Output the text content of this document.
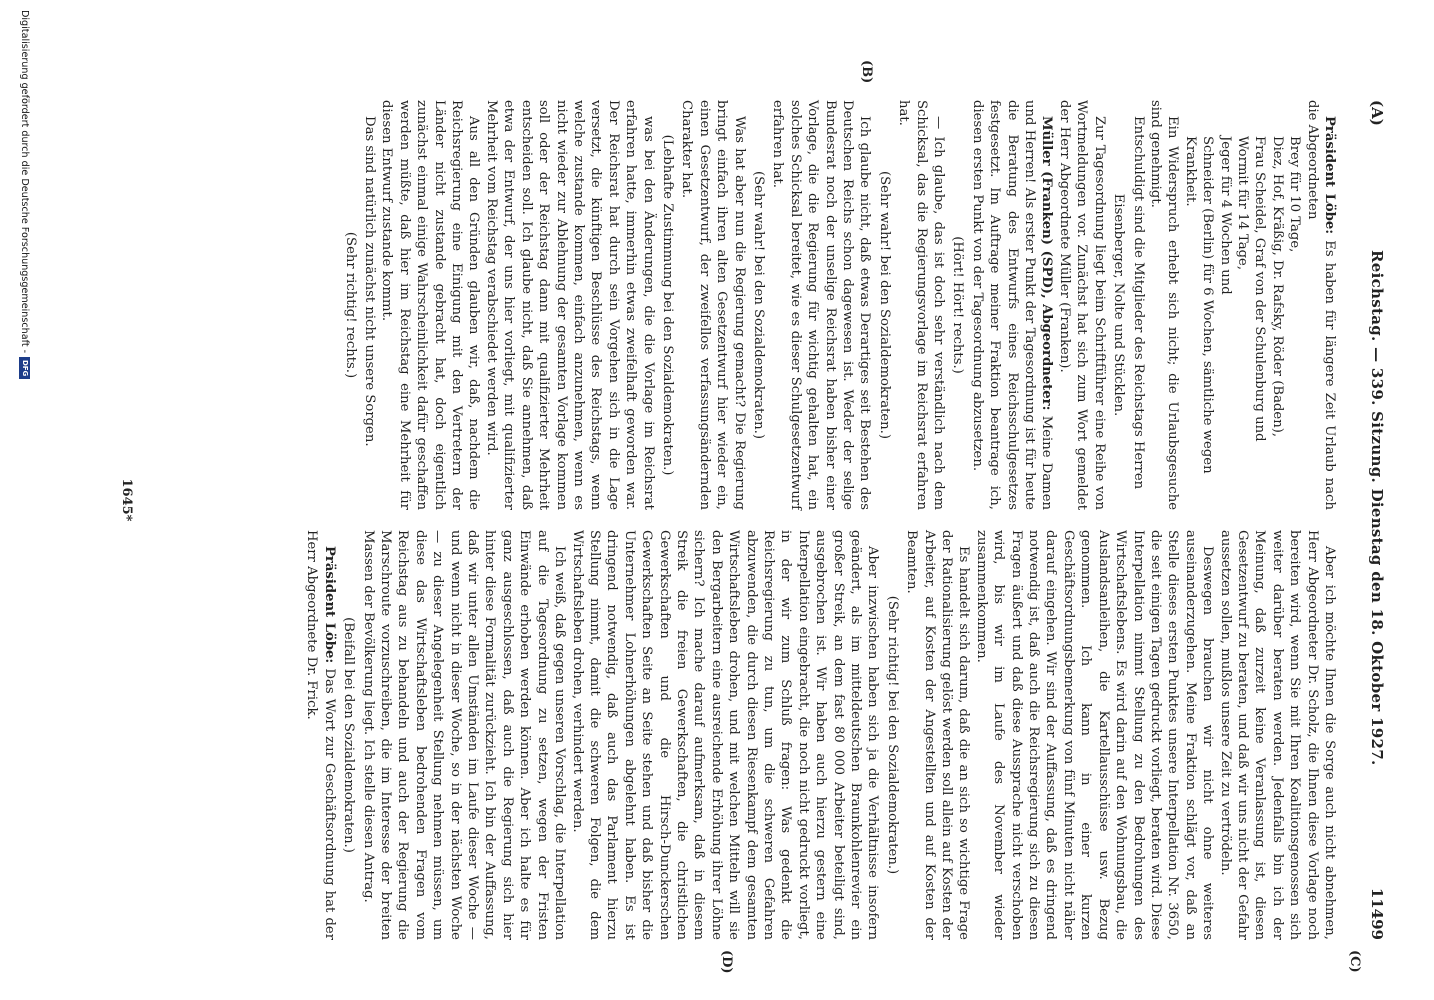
(A)
Reichstag. — 339. Sitzung. Dienstag den 18. Oktober 1927.
11499
(B)
(C)
(D)

Präsident Löbe: Es haben für längere Zeit Urlaub nach die Abgeordneten

Brey für 10 Tage,

Diez, Hof, Kräßig, Dr. Rafsky, Röder (Baden),

Frau Scheidel, Graf von der Schulenburg und

Wormit für 14 Tage,

Jeger für 4 Wochen und

Schneider (Berlin) für 6 Wochen, sämtliche wegen

Krankheit.

Ein Widerspruch erhebt sich nicht; die Urlaubsgesuche sind genehmigt.

Entschuldigt sind die Mitglieder des Reichstags Herren

Eisenberger, Nolte und Stücklen.

Zur Tagesordnung liegt beim Schriftführer eine Reihe von Wortmeldungen vor. Zunächst hat sich zum Wort gemeldet der Herr Abgeordnete Müller (Franken).

Müller (Franken) (SPD), Abgeordneter: Meine Damen und Herren! Als erster Punkt der Tagesordnung ist für heute die Beratung des Entwurfs eines Reichsschulgesetzes festgesetzt. Im Auftrage meiner Fraktion beantrage ich, diesen ersten Punkt von der Tagesordnung abzusetzen.

(Hört! Hört! rechts.)

— Ich glaube, das ist doch sehr verständlich nach dem Schicksal, das die Regierungsvorlage im Reichsrat erfahren hat.

(Sehr wahr! bei den Sozialdemokraten.)

Ich glaube nicht, daß etwas Derartiges seit Bestehen des Deutschen Reichs schon dagewesen ist. Weder der selige Bundesrat noch der unselige Reichsrat haben bisher einer Vorlage, die die Regierung für wichtig gehalten hat, ein solches Schicksal bereitet, wie es dieser Schulgesetzentwurf erfahren hat.

(Sehr wahr! bei den Sozialdemokraten.)

Was hat aber nun die Regierung gemacht? Die Regierung bringt einfach ihren alten Gesetzentwurf hier wieder ein, einen Gesetzentwurf, der zweifellos verfassungsändernden Charakter hat.

(Lebhafte Zustimmung bei den Sozialdemokraten.)

was bei den Änderungen, die die Vorlage im Reichsrat erfahren hatte, immerhin etwas zweifelhaft geworden war. Der Reichsrat hat durch sein Vorgehen sich in die Lage versetzt, die künftigen Beschlüsse des Reichstags, wenn welche zustande kommen, einfach anzunehmen, wenn es nicht wieder zur Ablehnung der gesamten Vorlage kommen soll oder der Reichstag dann mit qualifizierter Mehrheit entscheiden soll. Ich glaube nicht, daß Sie annehmen, daß etwa der Entwurf, der uns hier vorliegt, mit qualifizierter Mehrheit vom Reichstag verabschiedet werden wird.

Aus all den Gründen glauben wir, daß, nachdem die Reichsregierung eine Einigung mit den Vertretern der Länder nicht zustande gebracht hat, doch eigentlich zunächst einmal einige Wahrscheinlichkeit dafür geschaffen werden müßte, daß hier im Reichstag eine Mehrheit für diesen Entwurf zustande kommt.

Das sind natürlich zunächst nicht unsere Sorgen.

(Sehr richtig! rechts.)

Aber ich möchte Ihnen die Sorge auch nicht abnehmen, Herr Abgeordneter Dr. Scholz, die Ihnen diese Vorlage noch bereiten wird, wenn Sie mit Ihren Koalitionsgenossen sich weiter darüber beraten werden. Jedenfalls bin ich der Meinung, daß zurzeit keine Veranlassung ist, diesen Gesetzentwurf zu beraten, und daß wir uns nicht der Gefahr aussetzen sollen, mußlos unsere Zeit zu vertrödeln.

Deswegen brauchen wir nicht ohne weiteres auseinanderzugehen. Meine Fraktion schlägt vor, daß an Stelle dieses ersten Punktes unsere Interpellation Nr. 3650, die seit einigen Tagen gedruckt vorliegt, beraten wird. Diese Interpellation nimmt Stellung zu den Bedrohungen des Wirtschaftslebens. Es wird darin auf den Wohnungsbau, die Auslandsanleihen, die Kartellausschüsse usw. Bezug genommen. Ich kann in einer kurzen Geschäftsordnungsbemerkung von fünf Minuten nicht näher darauf eingehen. Wir sind der Auffassung, daß es dringend notwendig ist, daß auch die Reichsregierung sich zu diesen Fragen äußert und daß diese Aussprache nicht verschoben wird, bis wir im Laufe des November wieder zusammenkommen.

Es handelt sich darum, daß die an sich so wichtige Frage der Rationalisierung gelöst werden soll allein auf Kosten der Arbeiter, auf Kosten der Angestellten und auf Kosten der Beamten.

(Sehr richtig! bei den Sozialdemokraten.)

Aber inzwischen haben sich ja die Verhältnisse insofern geändert, als im mitteldeutschen Braunkohlenrevier ein großer Streik, an dem fast 80 000 Arbeiter beteiligt sind, ausgebrochen ist. Wir haben auch hierzu gestern eine Interpellation eingebracht, die noch nicht gedruckt vorliegt, in der wir zum Schluß fragen: Was gedenkt die Reichsregierung zu tun, um die schweren Gefahren abzuwenden, die durch diesen Riesenkampf dem gesamten Wirtschaftsleben drohen, und mit welchen Mitteln will sie den Bergarbeitern eine ausreichende Erhöhung ihrer Löhne sichern? Ich mache darauf aufmerksam, daß in diesem Streik die freien Gewerkschaften, die christlichen Gewerkschaften und die Hirsch-Dunckerschen Gewerkschaften Seite an Seite stehen und daß bisher die Unternehmer Lohnerhöhungen abgelehnt haben. Es ist dringend notwendig, daß auch das Parlament hierzu Stellung nimmt, damit die schweren Folgen, die dem Wirtschaftsleben drohen, verhindert werden.

Ich weiß, daß gegen unseren Vorschlag, die Interpellation auf die Tagesordnung zu setzen, wegen der Fristen Einwände erhoben werden können. Aber ich halte es für ganz ausgeschlossen, daß auch die Regierung sich hier hinter diese Formalität zurückzieht. Ich bin der Auffassung, daß wir unter allen Umständen im Laufe dieser Woche — und wenn nicht in dieser Woche, so in der nächsten Woche — zu dieser Angelegenheit Stellung nehmen müssen, um diese das Wirtschaftsleben bedrohenden Fragen vom Reichstag aus zu behandeln und auch der Regierung die Marschroute vorzuschreiben, die im Interesse der breiten Massen der Bevölkerung liegt. Ich stelle diesen Antrag.

(Beifall bei den Sozialdemokraten.)

Präsident Löbe: Das Wort zur Geschäftsordnung hat der Herr Abgeordnete Dr. Frick.

1645*
Digitalisierung gefördert durch die Deutsche Forschungsgemeinschaft -
DFG
